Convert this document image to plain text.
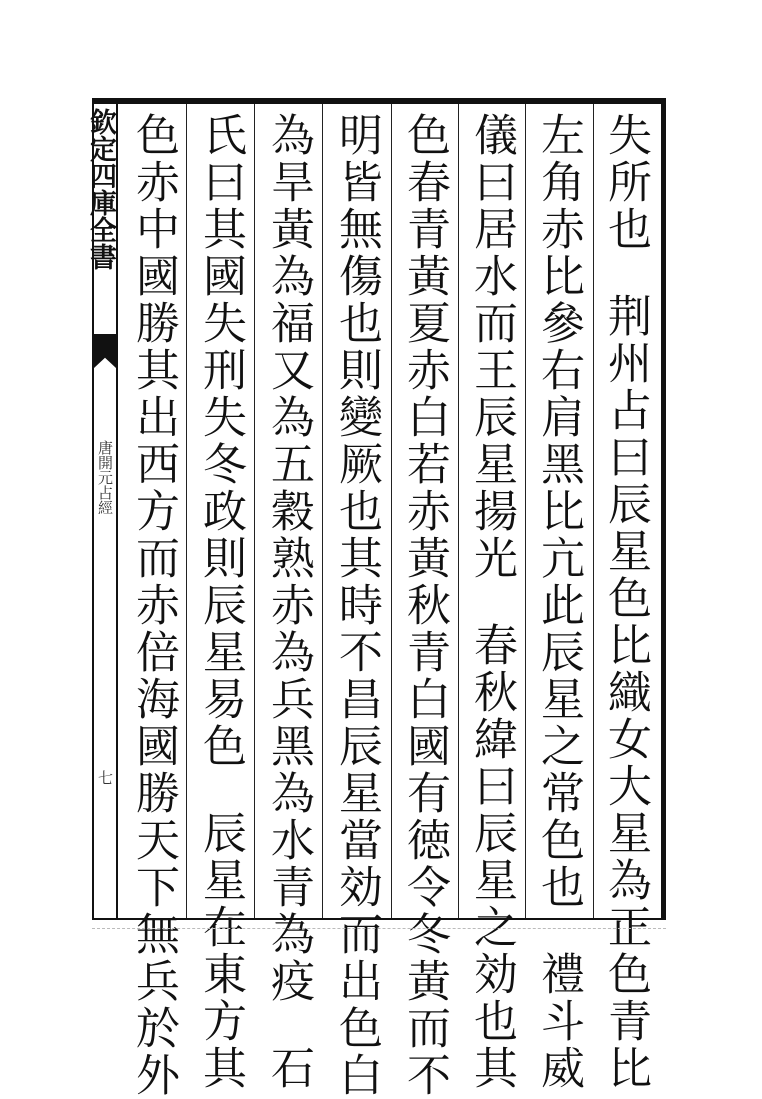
欽定四庫全書
唐開元占經
七
失所也荆州占曰辰星色比織女大星為正色青比
左角赤比參右肩黑比亢此辰星之常色也禮斗威
儀曰居水而王辰星揚光春秋緯曰辰星之効也其
色春青黃夏赤白若赤黃秋青白國有徳令冬黃而不
明皆無傷也則變厥也其時不昌辰星當効而出色白
為旱黃為福又為五穀熟赤為兵黑為水青為疫石
氏曰其國失刑失冬政則辰星易色辰星在東方其
色赤中國勝其出西方而赤倍海國勝天下無兵於外
